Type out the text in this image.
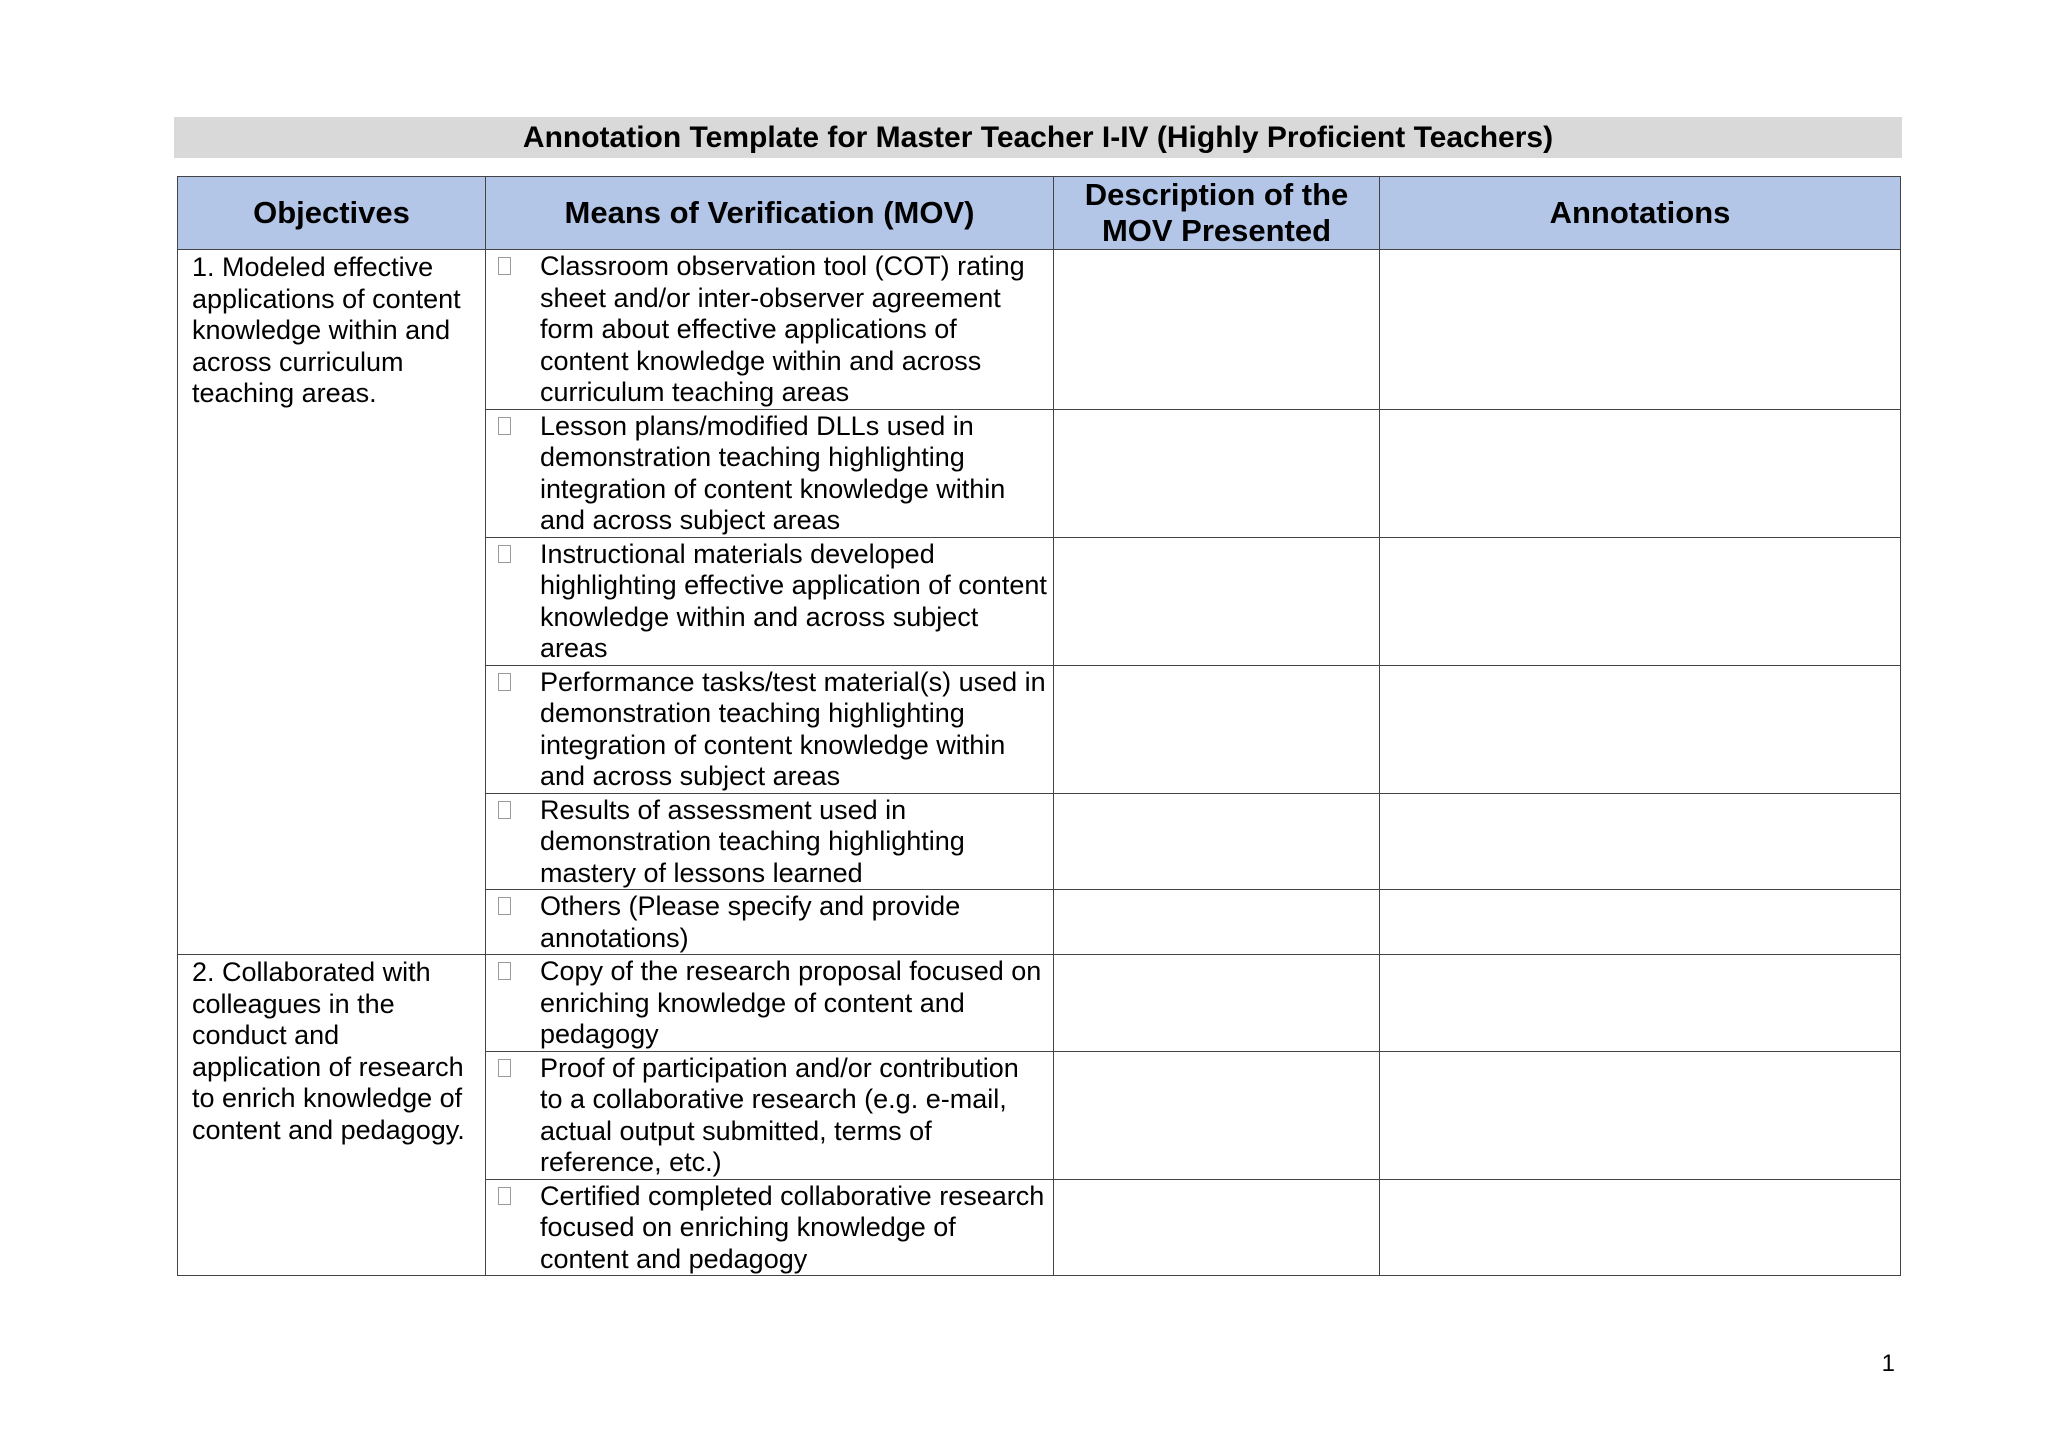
Annotation Template for Master Teacher I-IV (Highly Proficient Teachers)
Objectives	Means of Verification (MOV)	Description of the MOV Presented	Annotations
1. Modeled effective applications of content knowledge within and across curriculum teaching areas.	Classroom observation tool (COT) rating sheet and/or inter-observer agreement form about effective applications of content knowledge within and across curriculum teaching areas		

	Lesson plans/modified DLLs used in demonstration teaching highlighting integration of content knowledge within and across subject areas		

	Instructional materials developed highlighting effective application of content knowledge within and across subject areas		

	Performance tasks/test material(s) used in demonstration teaching highlighting integration of content knowledge within and across subject areas		

	Results of assessment used in demonstration teaching highlighting mastery of lessons learned		

	Others (Please specify and provide annotations)		

2. Collaborated with colleagues in the conduct and application of research to enrich knowledge of content and pedagogy.	Copy of the research proposal focused on enriching knowledge of content and pedagogy		

	Proof of participation and/or contribution to a collaborative research (e.g. e-mail, actual output submitted, terms of reference, etc.)		

	Certified completed collaborative research focused on enriching knowledge of content and pedagogy		

1
